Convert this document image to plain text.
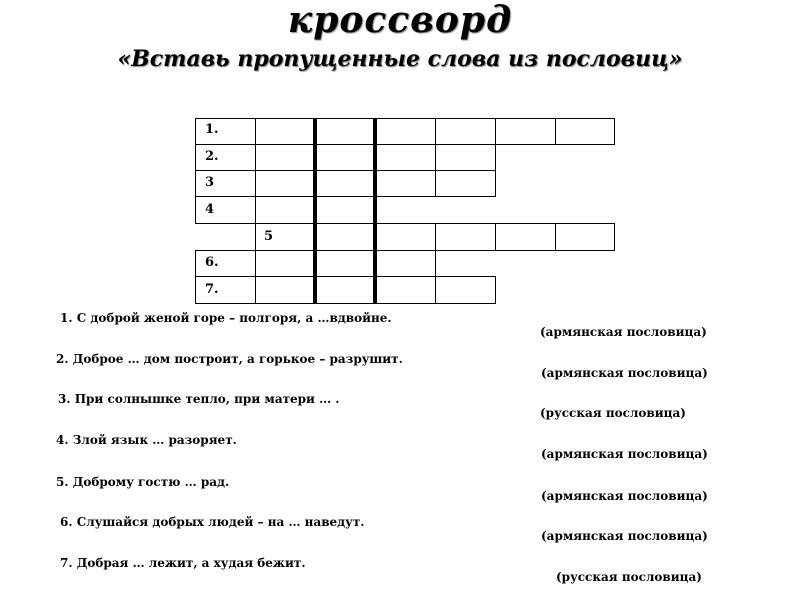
кроссворд
«Вставь пропущенные слова из пословиц»
1.
2.
3
4
5
6.
7.
1. С доброй женой горе – полгоря, а …вдвойне.
(армянская пословица)
2. Доброе … дом построит, а горькое – разрушит.
(армянская пословица)
3. При солнышке тепло, при матери … .
(русская пословица)
4. Злой язык … разоряет.
(армянская пословица)
5. Доброму гостю … рад.
(армянская пословица)
6. Слушайся добрых людей – на … наведут.
(армянская пословица)
7. Добрая … лежит, а худая бежит.
(русская пословица)
